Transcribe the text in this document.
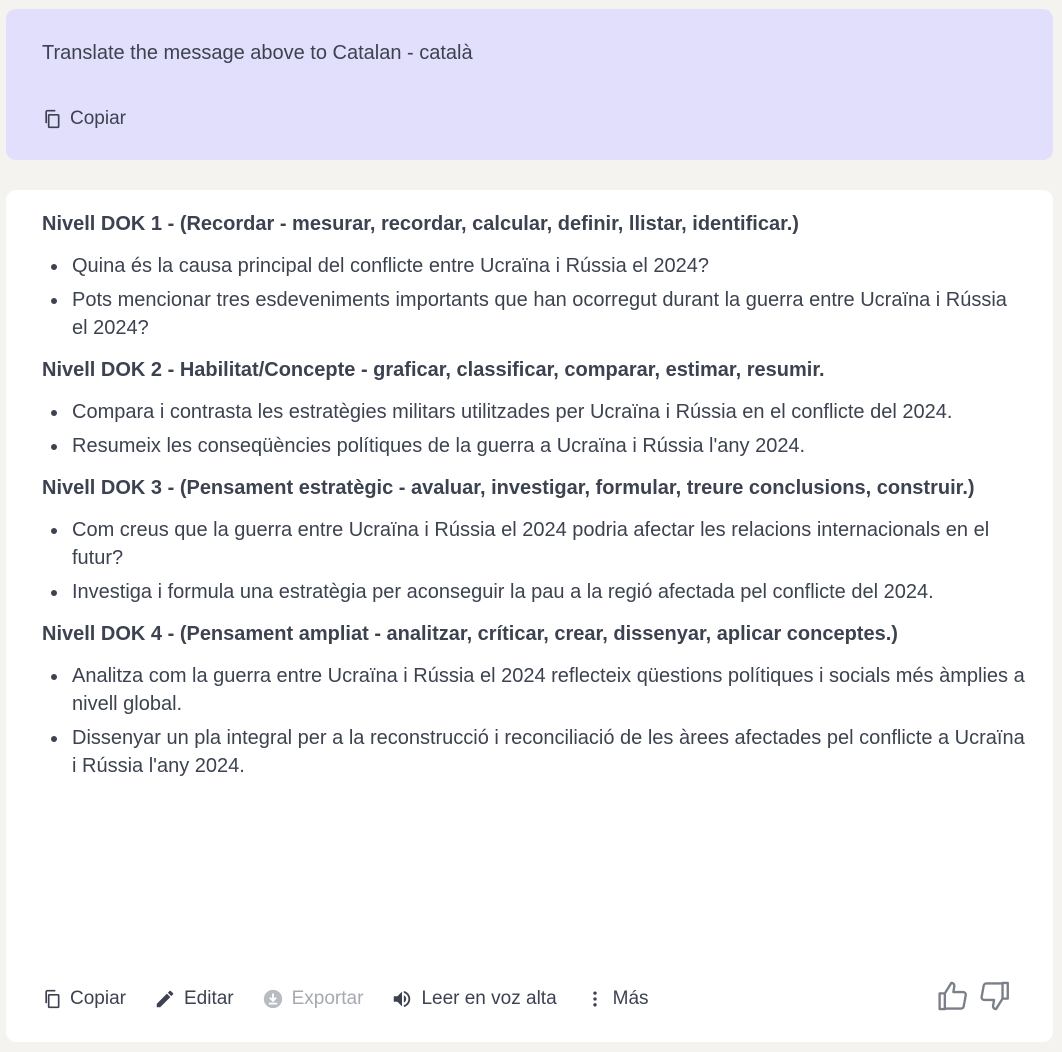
Translate the message above to Catalan - català
Copiar

Nivell DOK 1 - (Recordar - mesurar, recordar, calcular, definir, llistar, identificar.)

Quina és la causa principal del conflicte entre Ucraïna i Rússia el 2024?
Pots mencionar tres esdeveniments importants que han ocorregut durant la guerra entre Ucraïna i Rússia el 2024?

Nivell DOK 2 - Habilitat/Concepte - graficar, classificar, comparar, estimar, resumir.

Compara i contrasta les estratègies militars utilitzades per Ucraïna i Rússia en el conflicte del 2024.
Resumeix les conseqüències polítiques de la guerra a Ucraïna i Rússia l'any 2024.

Nivell DOK 3 - (Pensament estratègic - avaluar, investigar, formular, treure conclusions, construir.)

Com creus que la guerra entre Ucraïna i Rússia el 2024 podria afectar les relacions internacionals en el futur?
Investiga i formula una estratègia per aconseguir la pau a la regió afectada pel conflicte del 2024.

Nivell DOK 4 - (Pensament ampliat - analitzar, críticar, crear, dissenyar, aplicar conceptes.)

Analitza com la guerra entre Ucraïna i Rússia el 2024 reflecteix qüestions polítiques i socials més àmplies a nivell global.
Dissenyar un pla integral per a la reconstrucció i reconciliació de les àrees afectades pel conflicte a Ucraïna i Rússia l'any 2024.
Copiar	Editar	Exportar	Leer en voz alta	Más
